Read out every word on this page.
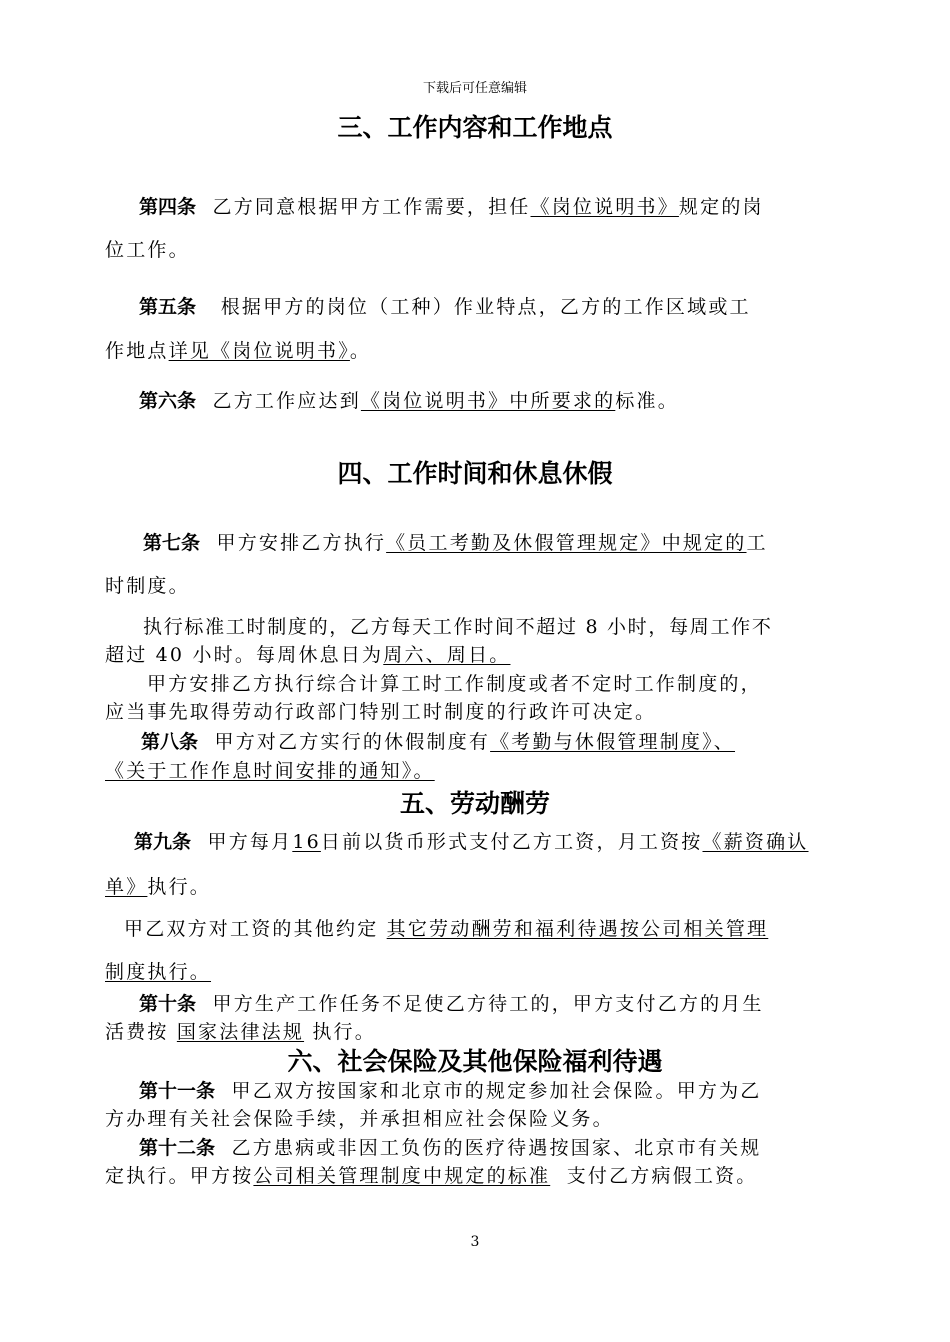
下载后可任意编辑
三、工作内容和工作地点
第四条 乙方同意根据甲方工作需要，担任《岗位说明书》规定的岗
位工作。
第五条 根据甲方的岗位（工种）作业特点，乙方的工作区域或工
作地点详见《岗位说明书》。
第六条 乙方工作应达到《岗位说明书》中所要求的标准。
四、工作时间和休息休假
第七条 甲方安排乙方执行《员工考勤及休假管理规定》中规定的工
时制度。
执行标准工时制度的，乙方每天工作时间不超过 8 小时，每周工作不
超过 40 小时。每周休息日为周六、周日。
甲方安排乙方执行综合计算工时工作制度或者不定时工作制度的，
应当事先取得劳动行政部门特别工时制度的行政许可决定。
第八条 甲方对乙方实行的休假制度有《考勤与休假管理制度》、
《关于工作作息时间安排的通知》。
五、劳动酬劳
第九条 甲方每月16日前以货币形式支付乙方工资，月工资按《薪资确认
单》执行。
甲乙双方对工资的其他约定 其它劳动酬劳和福利待遇按公司相关管理
制度执行。
第十条 甲方生产工作任务不足使乙方待工的，甲方支付乙方的月生
活费按 国家法律法规 执行。
六、社会保险及其他保险福利待遇
第十一条 甲乙双方按国家和北京市的规定参加社会保险。甲方为乙
方办理有关社会保险手续，并承担相应社会保险义务。
第十二条 乙方患病或非因工负伤的医疗待遇按国家、北京市有关规
定执行。甲方按公司相关管理制度中规定的标准 支付乙方病假工资。
3
